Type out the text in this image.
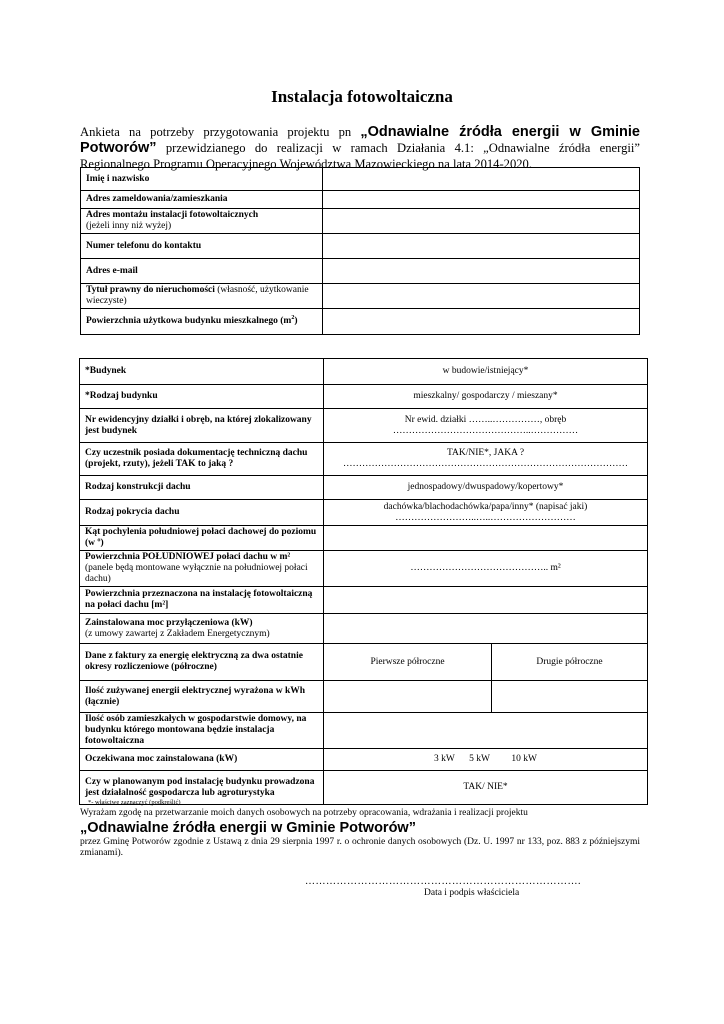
Instalacja fotowoltaiczna
Ankieta na potrzeby przygotowania projektu pn „Odnawialne źródła energii w Gminie Potworów” przewidzianego do realizacji w ramach Działania 4.1: „Odnawialne źródła energii” Regionalnego Programu Operacyjnego Województwa Mazowieckiego na lata 2014-2020.
Imię i nazwisko	
Adres zameldowania/zamieszkania	
Adres montażu instalacji fotowoltaicznych
(jeżeli inny niż wyżej)	
Numer telefonu do kontaktu	
Adres e-mail	
Tytuł prawny do nieruchomości (własność, użytkowanie wieczyste)	
Powierzchnia użytkowa budynku mieszkalnego $(m^2)$	
*Budynek	w budowie/istniejący*	
*Rodzaj budynku	mieszkalny/ gospodarczy / mieszany*	
Nr ewidencyjny działki i obręb, na której zlokalizowany jest budynek	Nr ewid. działki ……..……………, obręb
……………………………………..……………	

Czy uczestnik posiada dokumentację techniczną dachu (projekt, rzuty), jeżeli TAK to jaką ?	TAK/NIE*, JAKA ?
………………………………………………………………………………	

Rodzaj konstrukcji dachu	jednospadowy/dwuspadowy/kopertowy*	
Rodzaj pokrycia dachu	dachówka/blachodachówka/papa/inny* (napisać jaki)
……………………..…..………………………	

Kąt pochylenia południowej połaci dachowej do poziomu (w º)		
Powierzchnia POŁUDNIOWEJ połaci dachu w m²
(panele będą montowane wyłącznie na południowej połaci dachu)	…………………………………….. m²	
Powierzchnia przeznaczona na instalację fotowoltaiczną na połaci dachu [m²]		
Zainstalowana moc przyłączeniowa (kW)
(z umowy zawartej z Zakładem Energetycznym)		
Dane z faktury za energię elektryczną za dwa ostatnie okresy rozliczeniowe (półroczne)	Pierwsze półroczne	Drugie półroczne
Ilość zużywanej energii elektrycznej wyrażona w kWh (łącznie)		
Ilość osób zamieszkałych w gospodarstwie domowy, na budynku którego montowana będzie instalacja fotowoltaiczna		
Oczekiwana moc zainstalowana (kW)	3 kW 5 kW 10 kW	
Czy w planowanym pod instalację budynku prowadzona jest działalność gospodarcza lub agroturystyka	TAK/ NIE*	
*- właściwe zaznaczyć (podkreślić)
Wyrażam zgodę na przetwarzanie moich danych osobowych na potrzeby opracowania, wdrażania i realizacji projektu
„Odnawialne źródła energii w Gminie Potworów”
przez Gminę Potworów zgodnie z Ustawą z dnia 29 sierpnia 1997 r. o ochronie danych osobowych (Dz. U. 1997 nr 133, poz. 883 z późniejszymi zmianami).
…………………………………………………………………….
Data i podpis właściciela
